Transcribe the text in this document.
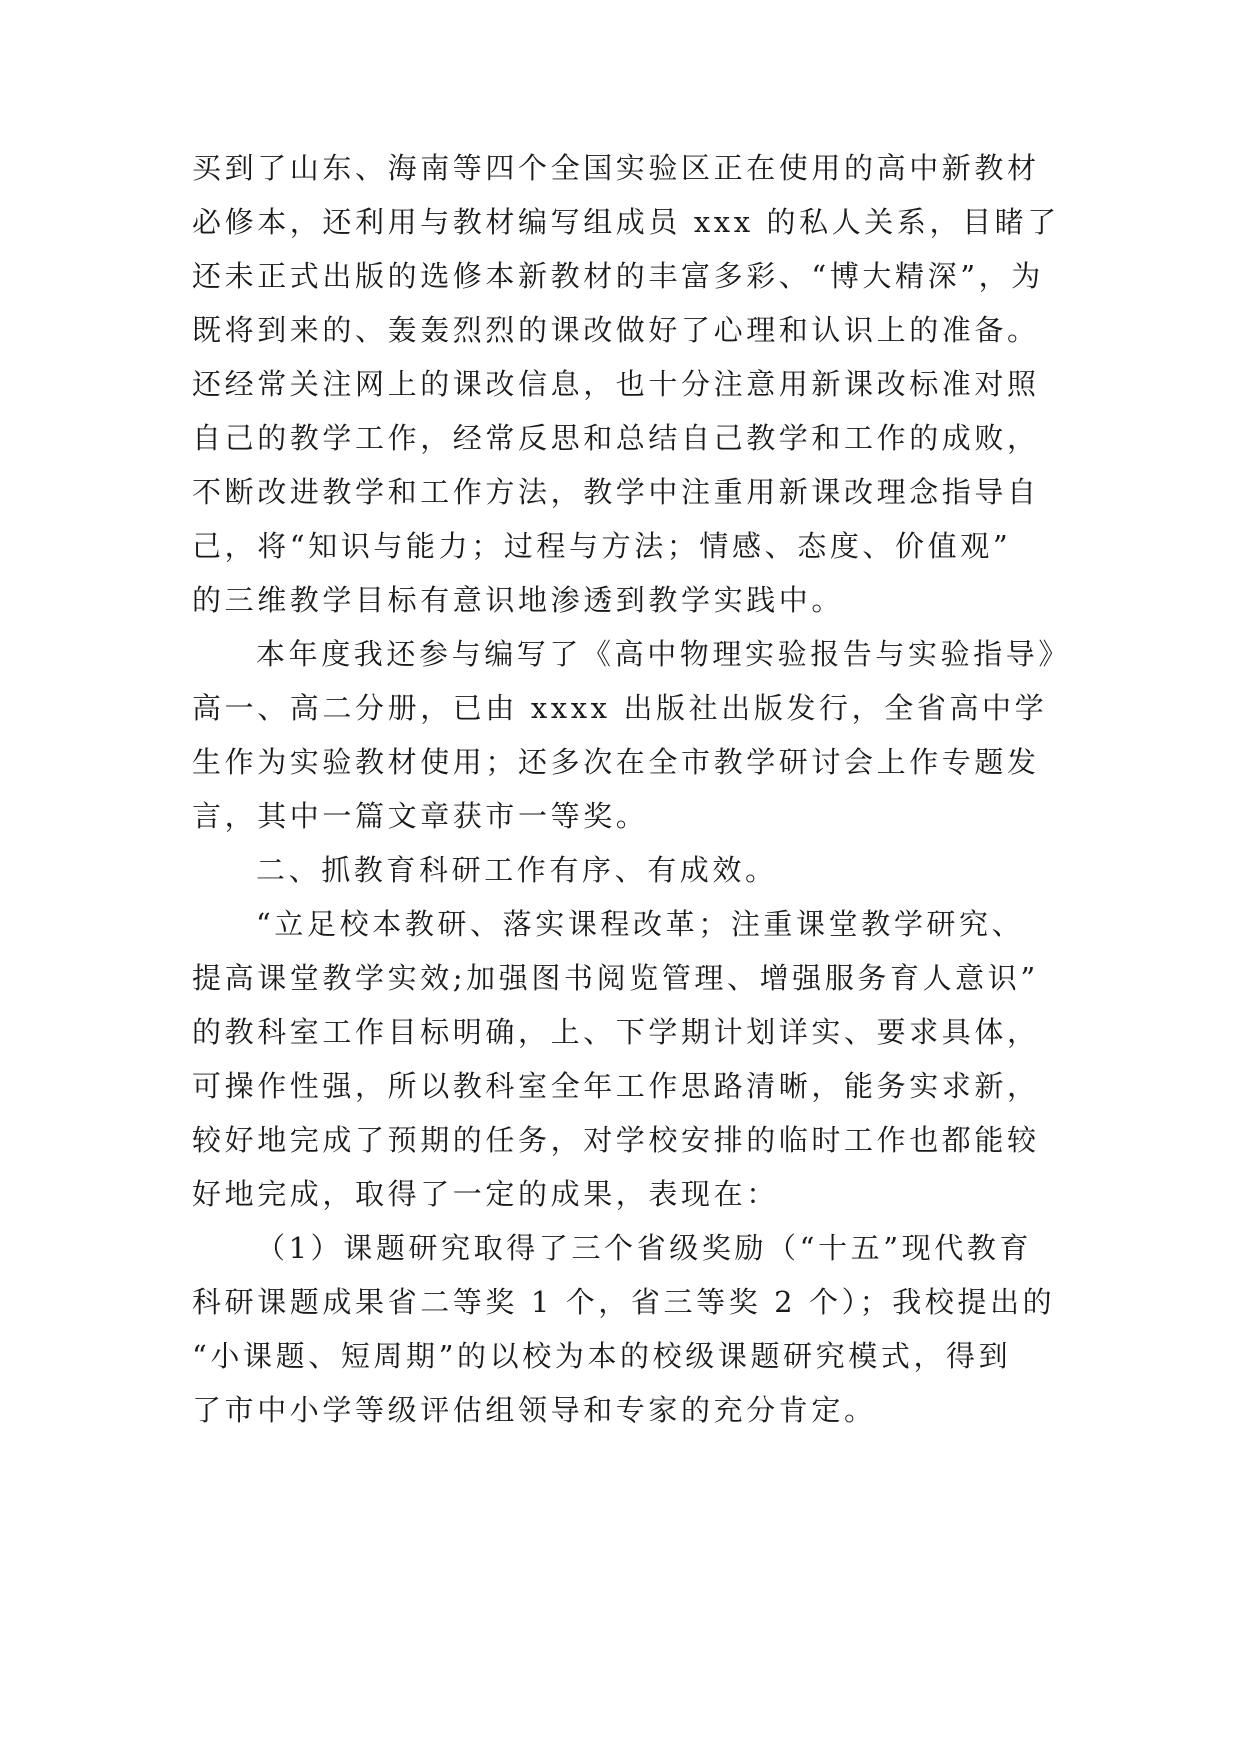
买到了山东、海南等四个全国实验区正在使用的高中新教材
必修本，还利用与教材编写组成员 xxx 的私人关系，目睹了
还未正式出版的选修本新教材的丰富多彩、“博大精深”，为
既将到来的、轰轰烈烈的课改做好了心理和认识上的准备。
还经常关注网上的课改信息，也十分注意用新课改标准对照
自己的教学工作，经常反思和总结自己教学和工作的成败，
不断改进教学和工作方法，教学中注重用新课改理念指导自
己，将“知识与能力；过程与方法；情感、态度、价值观”
的三维教学目标有意识地渗透到教学实践中。
本年度我还参与编写了《高中物理实验报告与实验指导》
高一、高二分册，已由 xxxx 出版社出版发行，全省高中学
生作为实验教材使用；还多次在全市教学研讨会上作专题发
言，其中一篇文章获市一等奖。
二、抓教育科研工作有序、有成效。
“立足校本教研、落实课程改革；注重课堂教学研究、
提高课堂教学实效;加强图书阅览管理、增强服务育人意识”
的教科室工作目标明确，上、下学期计划详实、要求具体，
可操作性强，所以教科室全年工作思路清晰，能务实求新，
较好地完成了预期的任务，对学校安排的临时工作也都能较
好地完成，取得了一定的成果，表现在：
（1）课题研究取得了三个省级奖励（“十五”现代教育
科研课题成果省二等奖 1 个，省三等奖 2 个）；我校提出的
“小课题、短周期”的以校为本的校级课题研究模式，得到
了市中小学等级评估组领导和专家的充分肯定。
